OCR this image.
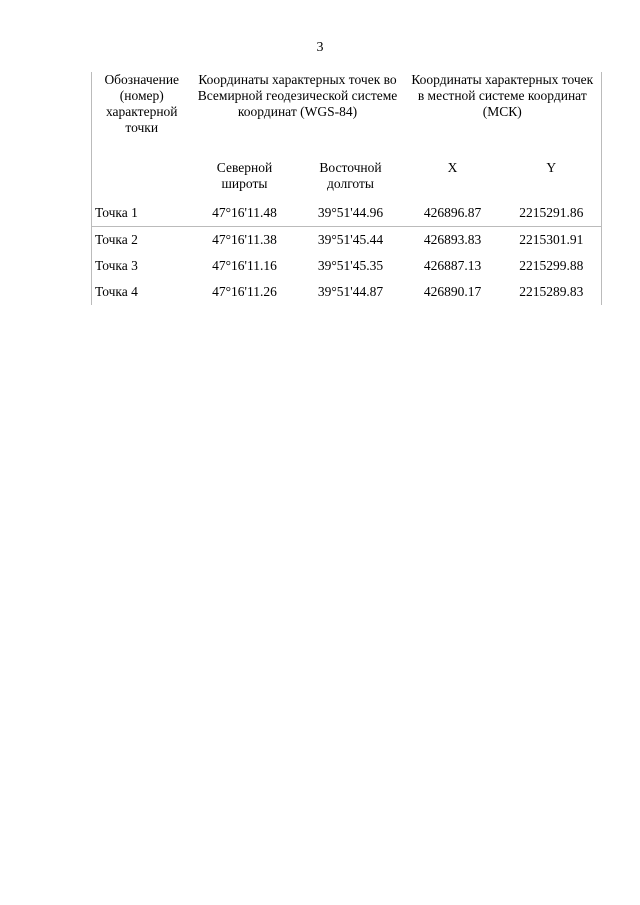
3
Обозначение (номер) характерной точки	Координаты характерных точек во Всемирной геодезической системе координат (WGS-84)		Координаты характерных точек в местной системе координат (МСК)	
	Северной широты	Восточной долготы	X	Y
Точка 1	47°16'11.48	39°51'44.96	426896.87	2215291.86
Точка 2	47°16'11.38	39°51'45.44	426893.83	2215301.91
Точка 3	47°16'11.16	39°51'45.35	426887.13	2215299.88
Точка 4	47°16'11.26	39°51'44.87	426890.17	2215289.83
